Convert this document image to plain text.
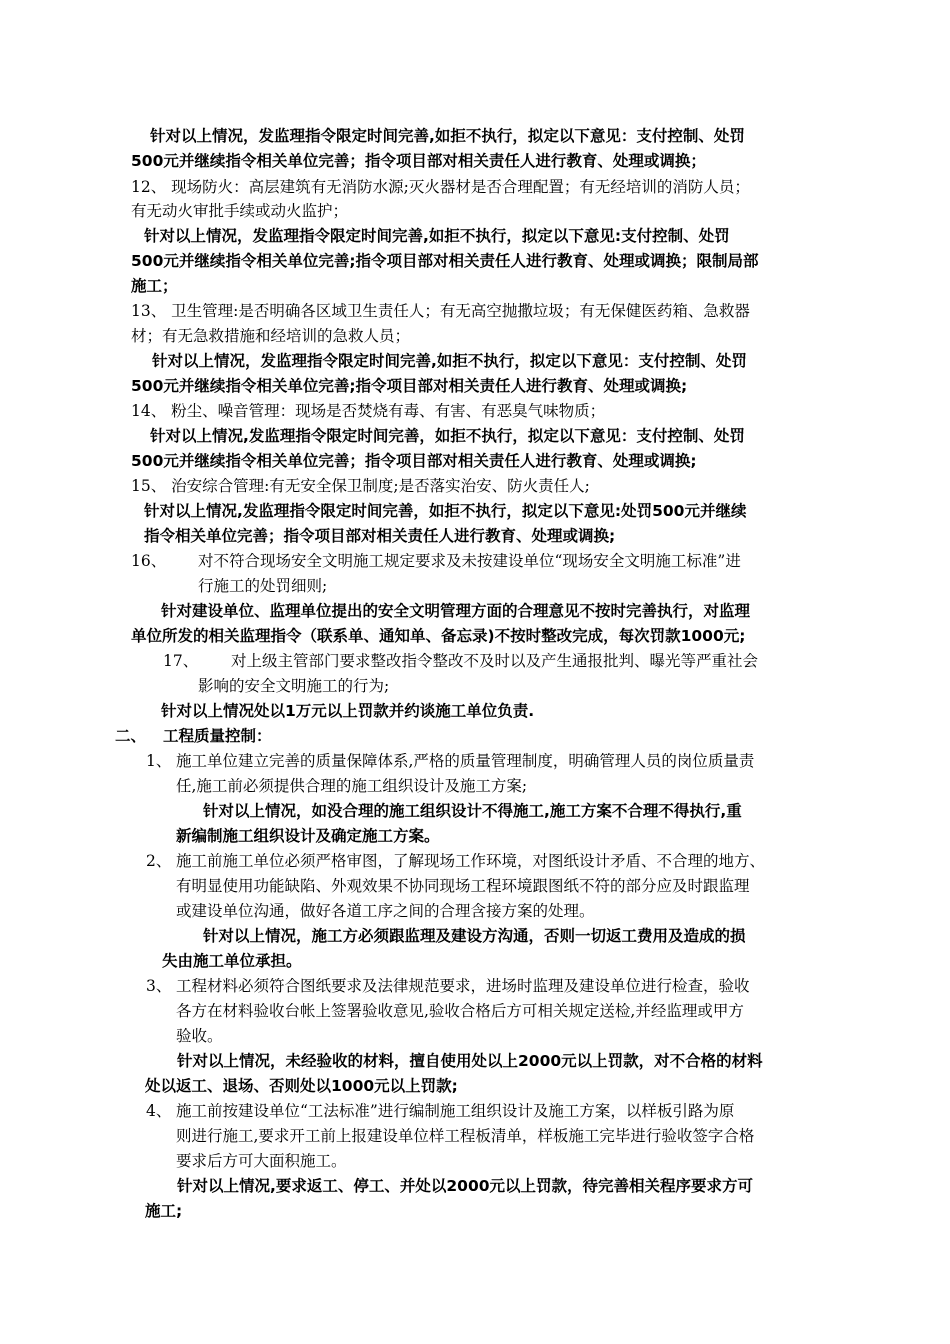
针对以上情况，发监理指令限定时间完善,如拒不执行，拟定以下意见：支付控制、处罚
500元并继续指令相关单位完善；指令项目部对相关责任人进行教育、处理或调换；
12、 现场防火：高层建筑有无消防水源;灭火器材是否合理配置；有无经培训的消防人员；
有无动火审批手续或动火监护；
针对以上情况，发监理指令限定时间完善,如拒不执行，拟定以下意见:支付控制、处罚
500元并继续指令相关单位完善;指令项目部对相关责任人进行教育、处理或调换；限制局部
施工；
13、 卫生管理:是否明确各区域卫生责任人；有无高空抛撒垃圾；有无保健医药箱、急救器
材；有无急救措施和经培训的急救人员；
针对以上情况，发监理指令限定时间完善,如拒不执行，拟定以下意见：支付控制、处罚
500元并继续指令相关单位完善;指令项目部对相关责任人进行教育、处理或调换;
14、 粉尘、噪音管理：现场是否焚烧有毒、有害、有恶臭气味物质；
针对以上情况,发监理指令限定时间完善，如拒不执行，拟定以下意见：支付控制、处罚
500元并继续指令相关单位完善；指令项目部对相关责任人进行教育、处理或调换;
15、 治安综合管理:有无安全保卫制度;是否落实治安、防火责任人;
针对以上情况,发监理指令限定时间完善，如拒不执行，拟定以下意见:处罚500元并继续
指令相关单位完善；指令项目部对相关责任人进行教育、处理或调换;
16、 对不符合现场安全文明施工规定要求及未按建设单位“现场安全文明施工标准”进
行施工的处罚细则;
针对建设单位、监理单位提出的安全文明管理方面的合理意见不按时完善执行，对监理
单位所发的相关监理指令（联系单、通知单、备忘录)不按时整改完成，每次罚款1000元;
17、 对上级主管部门要求整改指令整改不及时以及产生通报批判、曝光等严重社会
影响的安全文明施工的行为;
针对以上情况处以1万元以上罚款并约谈施工单位负责.
二、 工程质量控制：
1、 施工单位建立完善的质量保障体系,严格的质量管理制度，明确管理人员的岗位质量责
任,施工前必须提供合理的施工组织设计及施工方案;
针对以上情况，如没合理的施工组织设计不得施工,施工方案不合理不得执行,重
新编制施工组织设计及确定施工方案。
2、 施工前施工单位必须严格审图，了解现场工作环境，对图纸设计矛盾、不合理的地方、
有明显使用功能缺陷、外观效果不协同现场工程环境跟图纸不符的部分应及时跟监理
或建设单位沟通，做好各道工序之间的合理含接方案的处理。
针对以上情况，施工方必须跟监理及建设方沟通，否则一切返工费用及造成的损
失由施工单位承担。
3、 工程材料必须符合图纸要求及法律规范要求，进场时监理及建设单位进行检查，验收
各方在材料验收台帐上签署验收意见,验收合格后方可相关规定送检,并经监理或甲方
验收。
针对以上情况，未经验收的材料，擅自使用处以上2000元以上罚款，对不合格的材料
处以返工、退场、否则处以1000元以上罚款;
4、 施工前按建设单位“工法标准”进行编制施工组织设计及施工方案，以样板引路为原
则进行施工,要求开工前上报建设单位样工程板清单，样板施工完毕进行验收签字合格
要求后方可大面积施工。
针对以上情况,要求返工、停工、并处以2000元以上罚款，待完善相关程序要求方可
施工;
